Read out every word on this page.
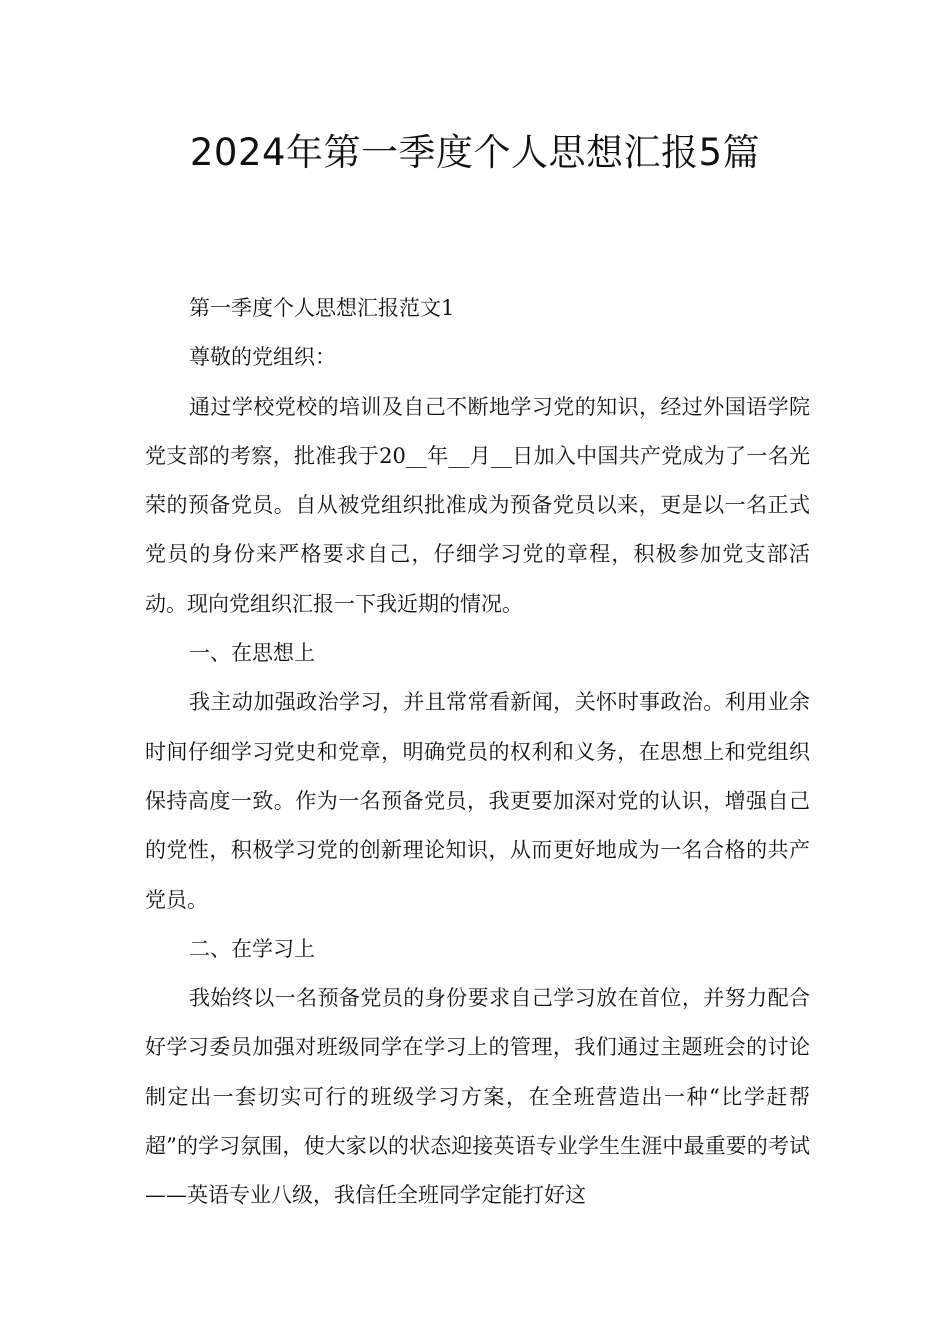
2024年第一季度个人思想汇报5篇

第一季度个人思想汇报范文1

尊敬的党组织：

通过学校党校的培训及自己不断地学习党的知识，经过外国语学院党支部的考察，批准我于20__年__月__日加入中国共产党成为了一名光荣的预备党员。自从被党组织批准成为预备党员以来，更是以一名正式党员的身份来严格要求自己，仔细学习党的章程，积极参加党支部活动。现向党组织汇报一下我近期的情况。

一、在思想上

我主动加强政治学习，并且常常看新闻，关怀时事政治。利用业余时间仔细学习党史和党章，明确党员的权利和义务，在思想上和党组织保持高度一致。作为一名预备党员，我更要加深对党的认识，增强自己的党性，积极学习党的创新理论知识，从而更好地成为一名合格的共产党员。

二、在学习上

我始终以一名预备党员的身份要求自己学习放在首位，并努力配合好学习委员加强对班级同学在学习上的管理，我们通过主题班会的讨论制定出一套切实可行的班级学习方案，在全班营造出一种“比学赶帮超”的学习氛围，使大家以的状态迎接英语专业学生生涯中最重要的考试——英语专业八级，我信任全班同学定能打好这
